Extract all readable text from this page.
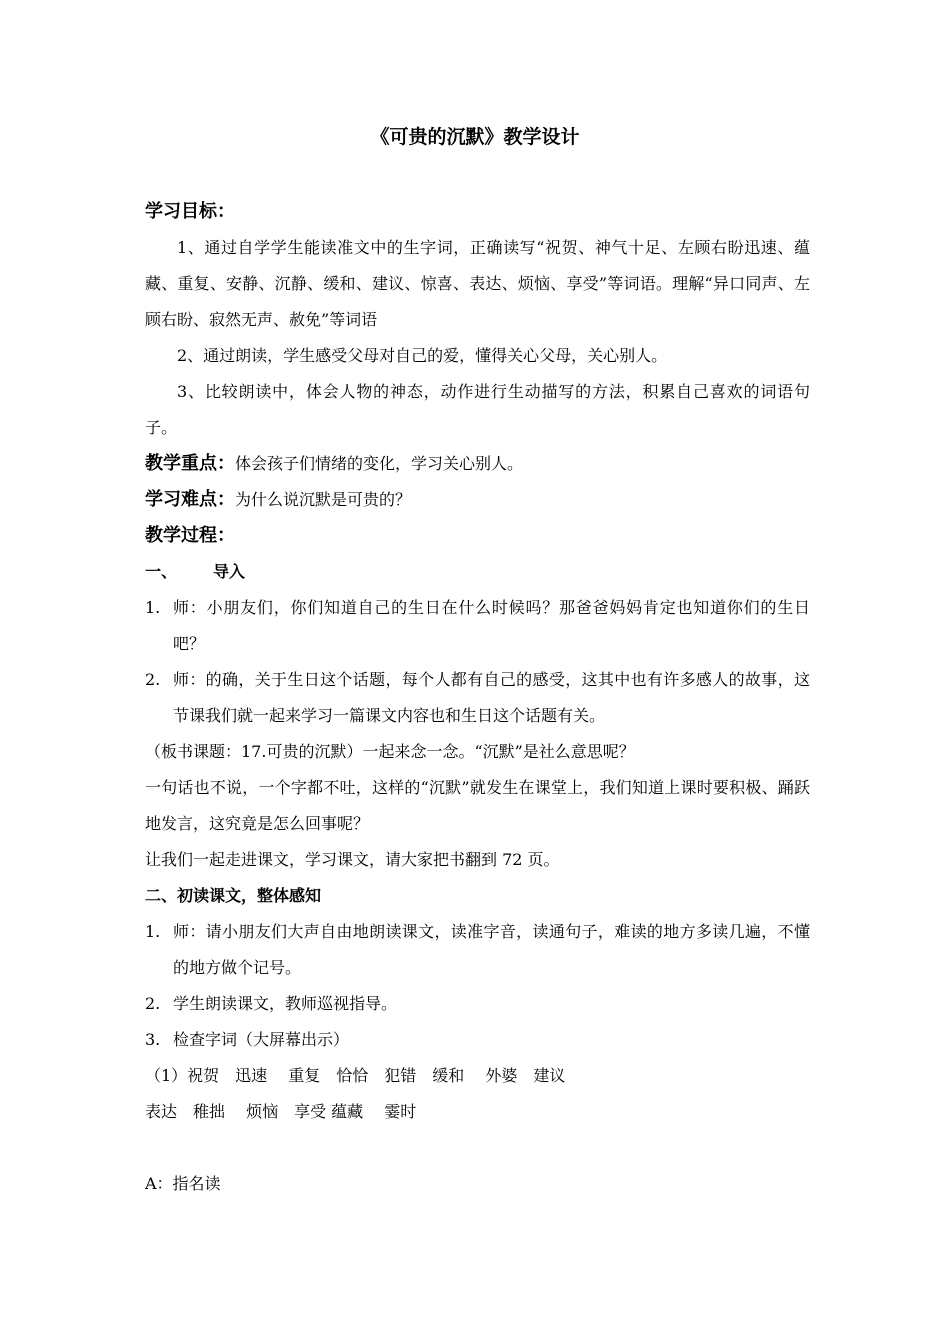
《可贵的沉默》教学设计
学习目标：
1、通过自学学生能读准文中的生字词，正确读写“祝贺、神气十足、左顾右盼迅速、蕴藏、重复、安静、沉静、缓和、建议、惊喜、表达、烦恼、享受”等词语。理解“异口同声、左顾右盼、寂然无声、赦免”等词语
2、通过朗读，学生感受父母对自己的爱，懂得关心父母，关心别人。
3、比较朗读中，体会人物的神态，动作进行生动描写的方法，积累自己喜欢的词语句子。
教学重点：体会孩子们情绪的变化，学习关心别人。
学习难点：为什么说沉默是可贵的？
教学过程：
一、 导入
1. 师：小朋友们，你们知道自己的生日在什么时候吗？那爸爸妈妈肯定也知道你们的生日吧？
2. 师：的确，关于生日这个话题，每个人都有自己的感受，这其中也有许多感人的故事，这节课我们就一起来学习一篇课文内容也和生日这个话题有关。
（板书课题：17.可贵的沉默）一起来念一念。“沉默”是社么意思呢？
一句话也不说，一个字都不吐，这样的“沉默”就发生在课堂上，我们知道上课时要积极、踊跃地发言，这究竟是怎么回事呢？
让我们一起走进课文，学习课文，请大家把书翻到 72 页。
二、初读课文，整体感知
1. 师：请小朋友们大声自由地朗读课文，读准字音，读通句子，难读的地方多读几遍，不懂的地方做个记号。
2. 学生朗读课文，教师巡视指导。
3. 检查字词（大屏幕出示）
（1）祝贺　迅速　 重复　恰恰　犯错　缓和　 外婆　建议
表达　稚拙　 烦恼　享受 蕴藏　 霎时
A：指名读
